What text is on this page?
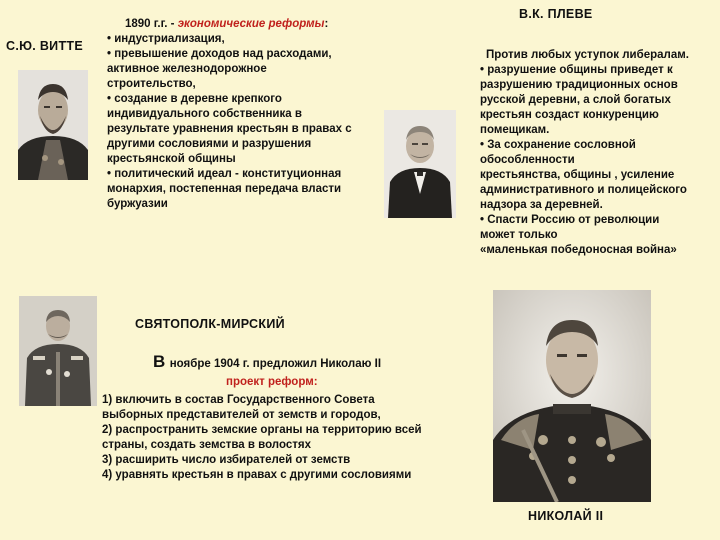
С.Ю. ВИТТЕ
1890 г.г. - экономические реформы:
• индустриализация,
• превышение доходов над расходами,
активное железнодорожное
строительство,
• создание в деревне крепкого
индивидуального собственника в
результате уравнения крестьян в правах с
другими сословиями и разрушения
крестьянской общины
• политический идеал - конституционная
монархия, постепенная передача власти
буржуазии
В.К. ПЛЕВЕ
Против любых уступок либералам.
• разрушение общины приведет к
разрушению традиционных основ
русской деревни, а слой богатых
крестьян создаст конкуренцию
помещикам.
• За сохранение сословной
обособленности
крестьянства, общины , усиление
административного и полицейского
надзора за деревней.
• Спасти Россию от революции
может только
«маленькая победоносная война»
СВЯТОПОЛК-МИРСКИЙ
В ноябре 1904 г. предложил Николаю II
проект реформ:
1) включить в состав Государственного Совета
выборных представителей от земств и городов,
2) распространить земские органы на территорию всей
страны, создать земства в волостях
3) расширить число избирателей от земств
4) уравнять крестьян в правах с другими сословиями
НИКОЛАЙ II
